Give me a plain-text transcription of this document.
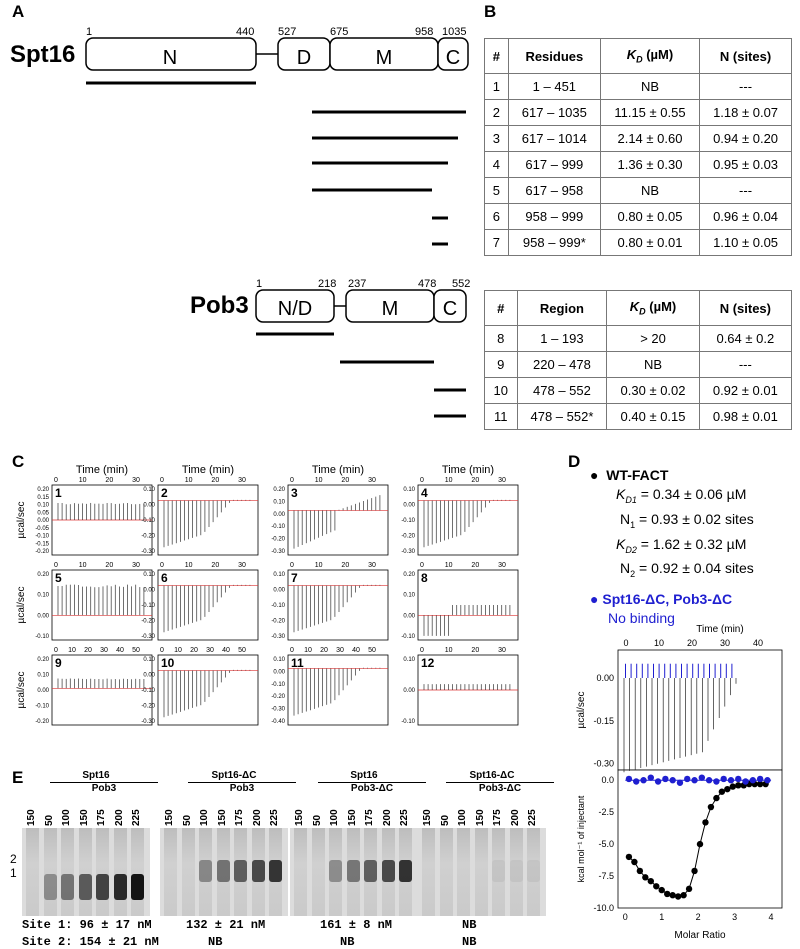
A	B
C	D
E
Spt16	N	D	M	C
1	440 527	675	958 1035
Pob3 N/D	M C
1	218 237	478 552
#	Residues	$K_D$ (µM)	N (sites)
1	1 – 451	NB	---
2	617 – 1035	11.15 ± 0.55	1.18 ± 0.07
3	617 – 1014	2.14 ± 0.60	0.94 ± 0.20
4	617 – 999	1.36 ± 0.30	0.95 ± 0.03
5	617 – 958	NB	---
6	958 – 999	0.80 ± 0.05	0.96 ± 0.04
7	958 – 999*	0.80 ± 0.01	1.10 ± 0.05
#	Region	$K_D$ (µM)	N (sites)
8	1 – 193	> 20	0.64 ± 0.2
9	220 – 478	NB	---
10	478 – 552	0.30 ± 0.02	0.92 ± 0.01
11	478 – 552*	0.40 ± 0.15	0.98 ± 0.01
0.20
0.15
0.10
0.05
0.00
-0.05
-0.10
-0.15
-0.20
0	10	20	30
1
Time (min)
µcal/sec
0.10
0.00
-0.10
-0.20
-0.30
0	10	20	30
2
Time (min)
0.20
0.10
0.00
-0.10
-0.20
-0.30
0	10	20	30
3
Time (min)
0.10
0.00
-0.10
-0.20
-0.30
0	10	20	30
4
Time (min)
0.20
0.10
0.00
-0.10
0	10	20	30
5
µcal/sec
0.10
0.00
-0.10
-0.20
-0.30
0	10	20	30
6	0.10
0.00
-0.10
-0.20
-0.30
0	10	20	30
7	0.20
0.10
0.00
-0.10
0	10	20	30
8
0.20
0.10
0.00
-0.10
-0.20
0 10 20 30 40 50
9
µcal/sec
0.10
0.00
-0.10
-0.20
-0.30
0 10 20 30 40 50
10	0.10
0.00
-0.10
-0.20
-0.30
-0.40
0 10 20 30 40 50
11	0.10
0.00
-0.10
0	10	20	30
12
● WT-FACT
$K_{D1} = 0.34 \pm 0.06$ µM
$N_1 = 0.93 \pm 0.02$ sites
$K_{D2} = 1.62 \pm 0.32$ µM
$N_2 = 0.92 \pm 0.04$ sites
● Spt16-ΔC, Pob3-ΔC
No binding
Time (min)
0	10	20	30	40
0.00
-0.15
-0.30
µcal/sec
0.0
-2.5
-5.0
-7.5
-10.0
0	1	2	3	4
kcal mol⁻¹ of injectant
Molar Ratio
Spt16
Pob3
150 50 100 150 175 200 225
Spt16-ΔC
Pob3
150 50 100 150 175 200 225
Spt16
Pob3-ΔC
150 50 100 150 175 200 225
Spt16-ΔC
Pob3-ΔC
150 50 100 150 175 200 225
2
1
Site 1: 96 ± 17 nM
Site 2: 154 ± 21 nM
132 ± 21 nM
NB
161 ± 8 nM
NB
NB
NB
